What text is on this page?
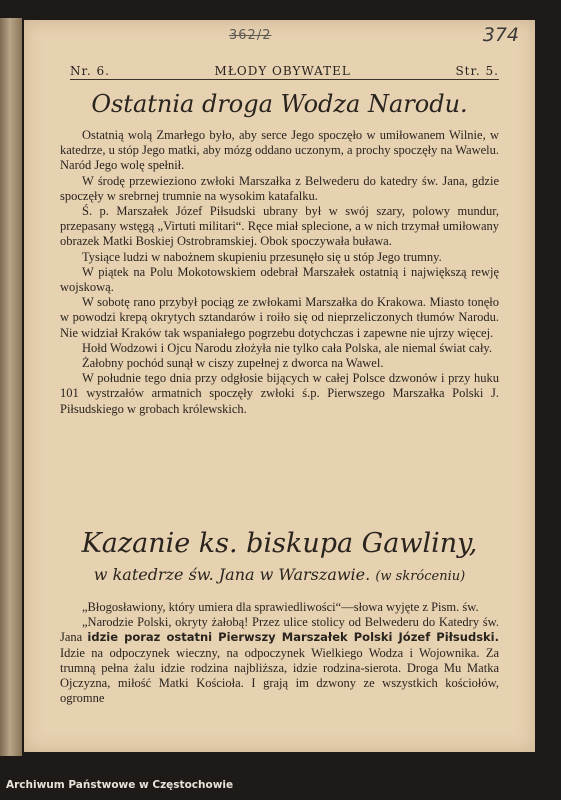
362/2	374
Nr. 6.	MŁODY OBYWATEL	Str. 5.
Ostatnia droga Wodza Narodu.

Ostatnią wolą Zmarłego było, aby serce Jego spoczęło w umiłowanem Wilnie, w katedrze, u stóp Jego matki, aby mózg oddano uczonym, a prochy spoczęły na Wawelu. Naród Jego wolę spełnił.

W środę przewieziono zwłoki Marszałka z Belwederu do katedry św. Jana, gdzie spoczęły w srebrnej trumnie na wysokim katafalku.

Ś. p. Marszałek Józef Piłsudski ubrany był w swój szary, polowy mundur, przepasany wstęgą „Virtuti militari“. Ręce miał splecione, a w nich trzymał umiłowany obrazek Matki Boskiej Ostrobramskiej. Obok spoczywała buława.

Tysiące ludzi w nabożnem skupieniu przesunęło się u stóp Jego trumny.

W piątek na Polu Mokotowskiem odebrał Marszałek ostatnią i największą rewję wojskową.

W sobotę rano przybył pociąg ze zwłokami Marszałka do Krakowa. Miasto tonęło w powodzi krepą okrytych sztandarów i roiło się od nieprzeliczonych tłumów Narodu. Nie widział Kraków tak wspaniałego pogrzebu dotychczas i zapewne nie ujrzy więcej.

Hołd Wodzowi i Ojcu Narodu złożyła nie tylko cała Polska, ale niemal świat cały.

Żałobny pochód sunął w ciszy zupełnej z dworca na Wawel.

W południe tego dnia przy odgłosie bijących w całej Polsce dzwonów i przy huku 101 wystrzałów armatnich spoczęły zwłoki ś.p. Pierwszego Marszałka Polski J. Piłsudskiego w grobach królewskich.

Kazanie ks. biskupa Gawliny,
w katedrze św. Jana w Warszawie. (w skróceniu)

„Błogosławiony, który umiera dla sprawiedliwości“—słowa wyjęte z Pism. św.

„Narodzie Polski, okryty żałobą! Przez ulice stolicy od Belwederu do Katedry św. Jana idzie poraz ostatni Pierwszy Marszałek Polski Józef Piłsudski. Idzie na odpoczynek wieczny, na odpoczynek Wielkiego Wodza i Wojownika. Za trumną pełna żalu idzie rodzina najbliższa, idzie rodzina-sierota. Droga Mu Matka Ojczyzna, miłość Matki Kościoła. I grają im dzwony ze wszystkich kościołów, ogromne

Archiwum Państwowe w Częstochowie
